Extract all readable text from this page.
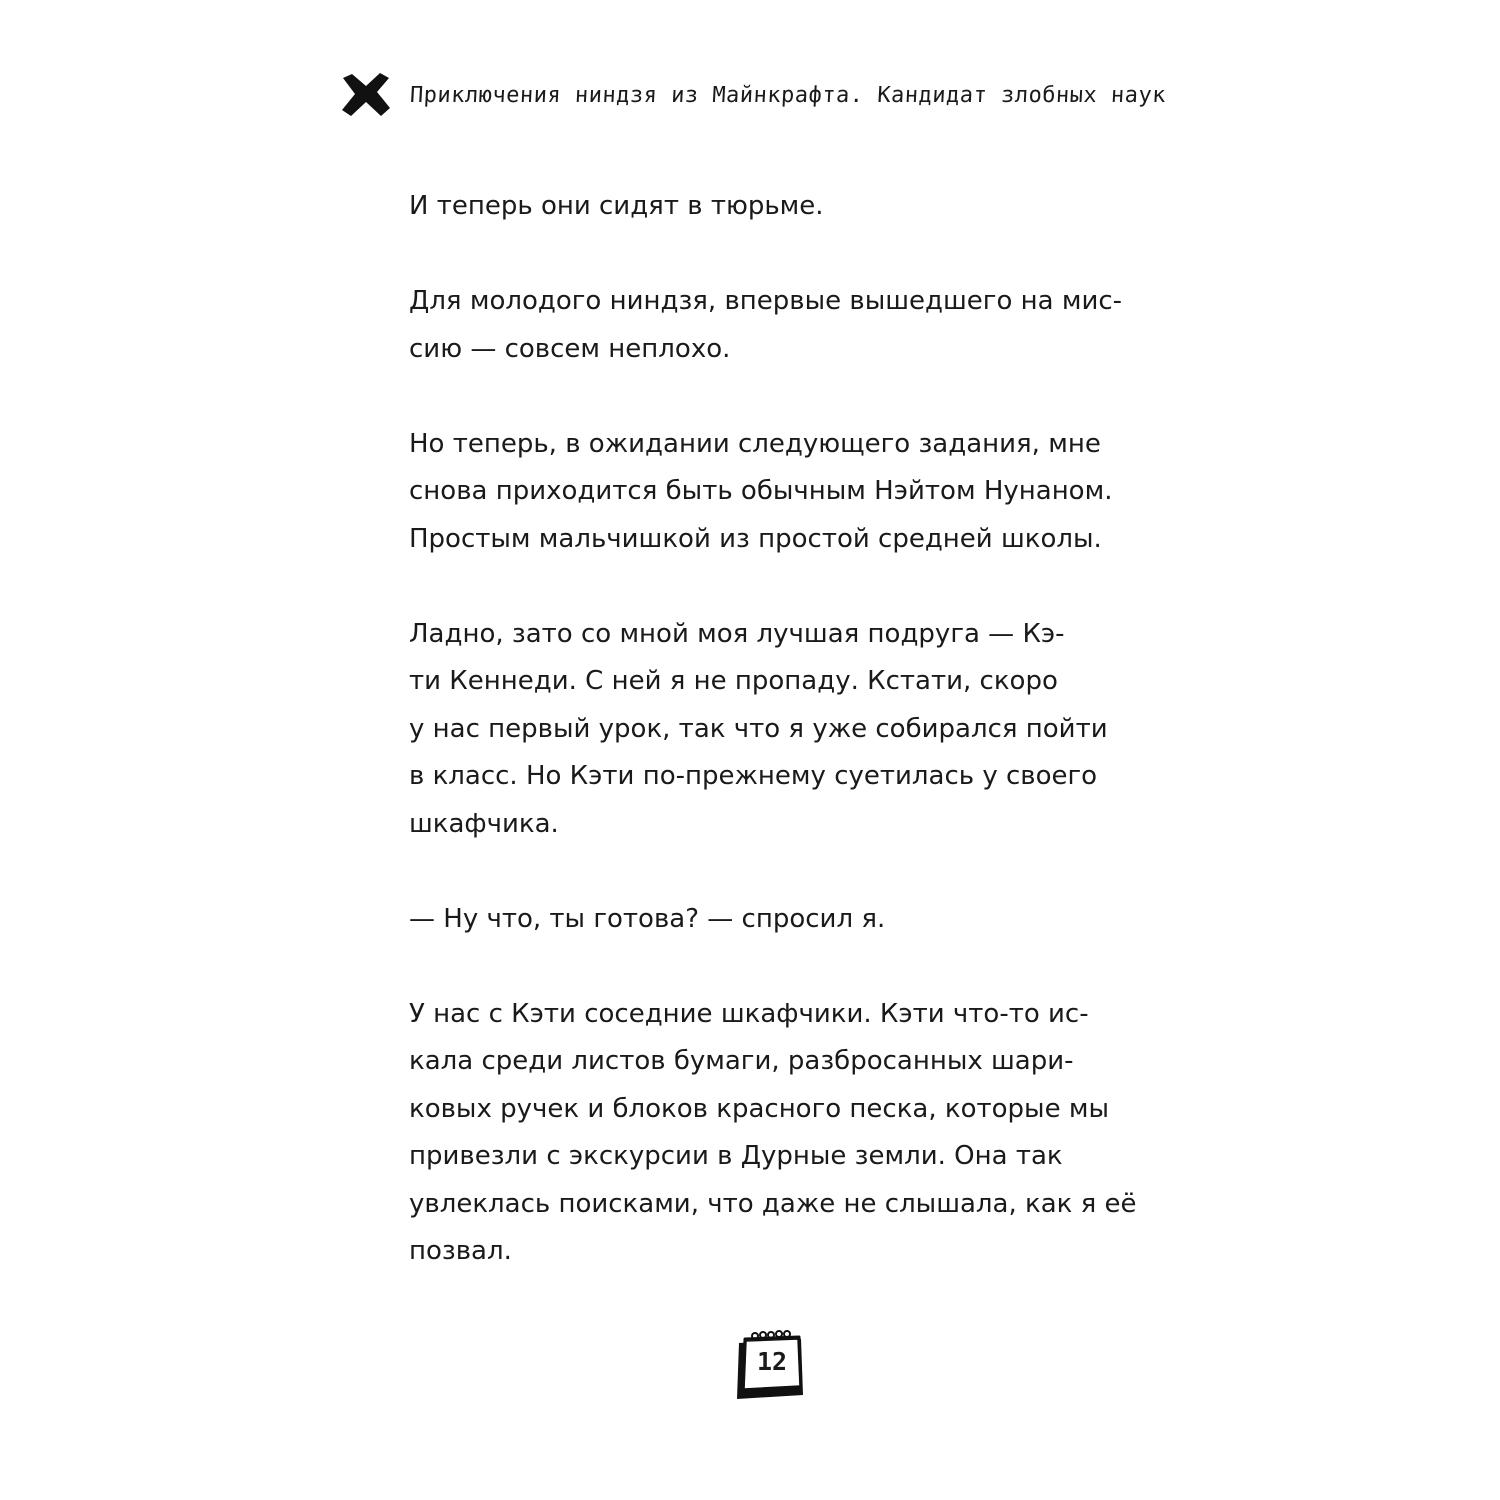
Приключения ниндзя из Майнкрафта. Кандидат злобных наук

И теперь они сидят в тюрьме.

Для молодого ниндзя, впервые вышедшего на мис-
сию — совсем неплохо.

Но теперь, в ожидании следующего задания, мне
снова приходится быть обычным Нэйтом Нунаном.
Простым мальчишкой из простой средней школы.

Ладно, зато со мной моя лучшая подруга — Кэ-
ти Кеннеди. С ней я не пропаду. Кстати, скоро
у нас первый урок, так что я уже собирался пойти
в класс. Но Кэти по-прежнему суетилась у своего
шкафчика.

— Ну что, ты готова? — спросил я.

У нас с Кэти соседние шкафчики. Кэти что-то ис-
кала среди листов бумаги, разбросанных шари-
ковых ручек и блоков красного песка, которые мы
привезли с экскурсии в Дурные земли. Она так
увлеклась поисками, что даже не слышала, как я её
позвал.

12
